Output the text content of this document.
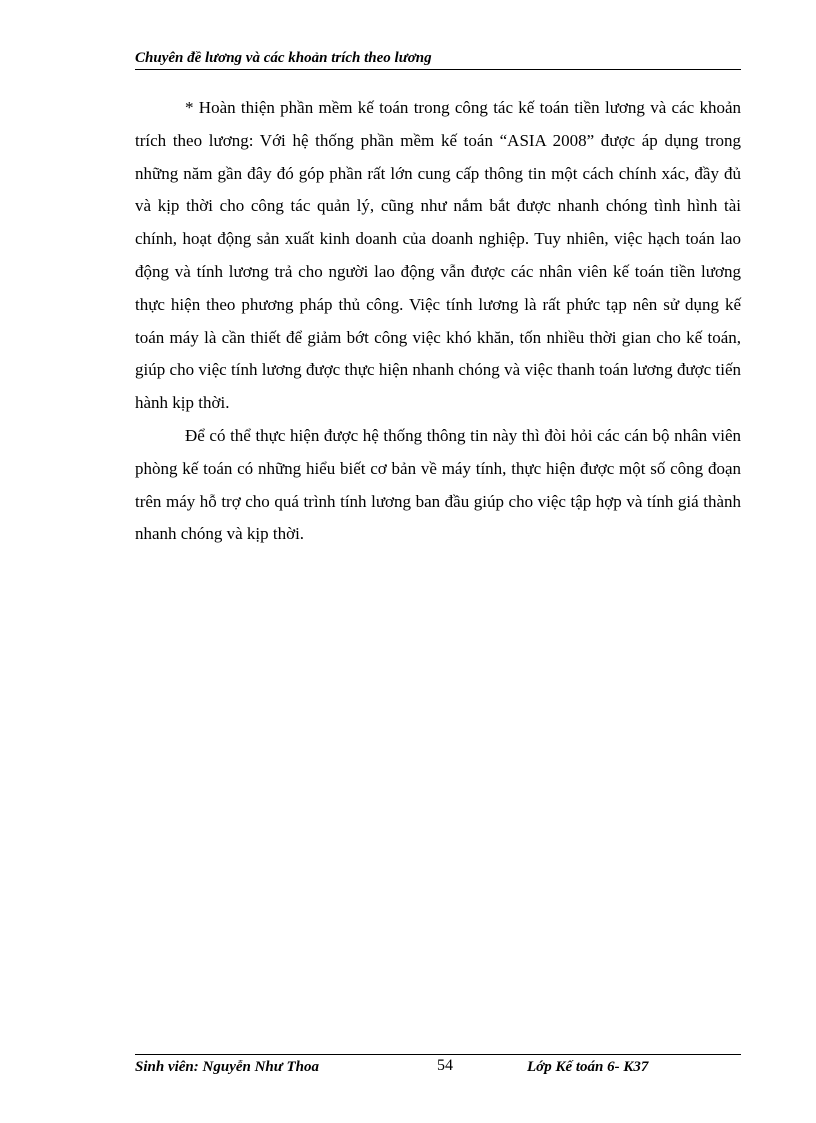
Chuyên đề lương và các khoản trích theo lương

* Hoàn thiện phần mềm kế toán trong công tác kế toán tiền lương và các khoản trích theo lương: Với hệ thống phần mềm kế toán “ASIA 2008” được áp dụng trong những năm gần đây đó góp phần rất lớn cung cấp thông tin một cách chính xác, đầy đủ và kịp thời cho công tác quản lý, cũng như nắm bắt được nhanh chóng tình hình tài chính, hoạt động sản xuất kinh doanh của doanh nghiệp. Tuy nhiên, việc hạch toán lao động và tính lương trả cho người lao động vẫn được các nhân viên kế toán tiền lương thực hiện theo phương pháp thủ công. Việc tính lương là rất phức tạp nên sử dụng kế toán máy là cần thiết để giảm bớt công việc khó khăn, tốn nhiều thời gian cho kế toán, giúp cho việc tính lương được thực hiện nhanh chóng và việc thanh toán lương được tiến hành kịp thời.

Để có thể thực hiện được hệ thống thông tin này thì đòi hỏi các cán bộ nhân viên phòng kế toán có những hiểu biết cơ bản về máy tính, thực hiện được một số công đoạn trên máy hỗ trợ cho quá trình tính lương ban đầu giúp cho việc tập hợp và tính giá thành nhanh chóng và kịp thời.

Sinh viên: Nguyễn Như Thoa	54	Lớp Kế toán 6- K37
